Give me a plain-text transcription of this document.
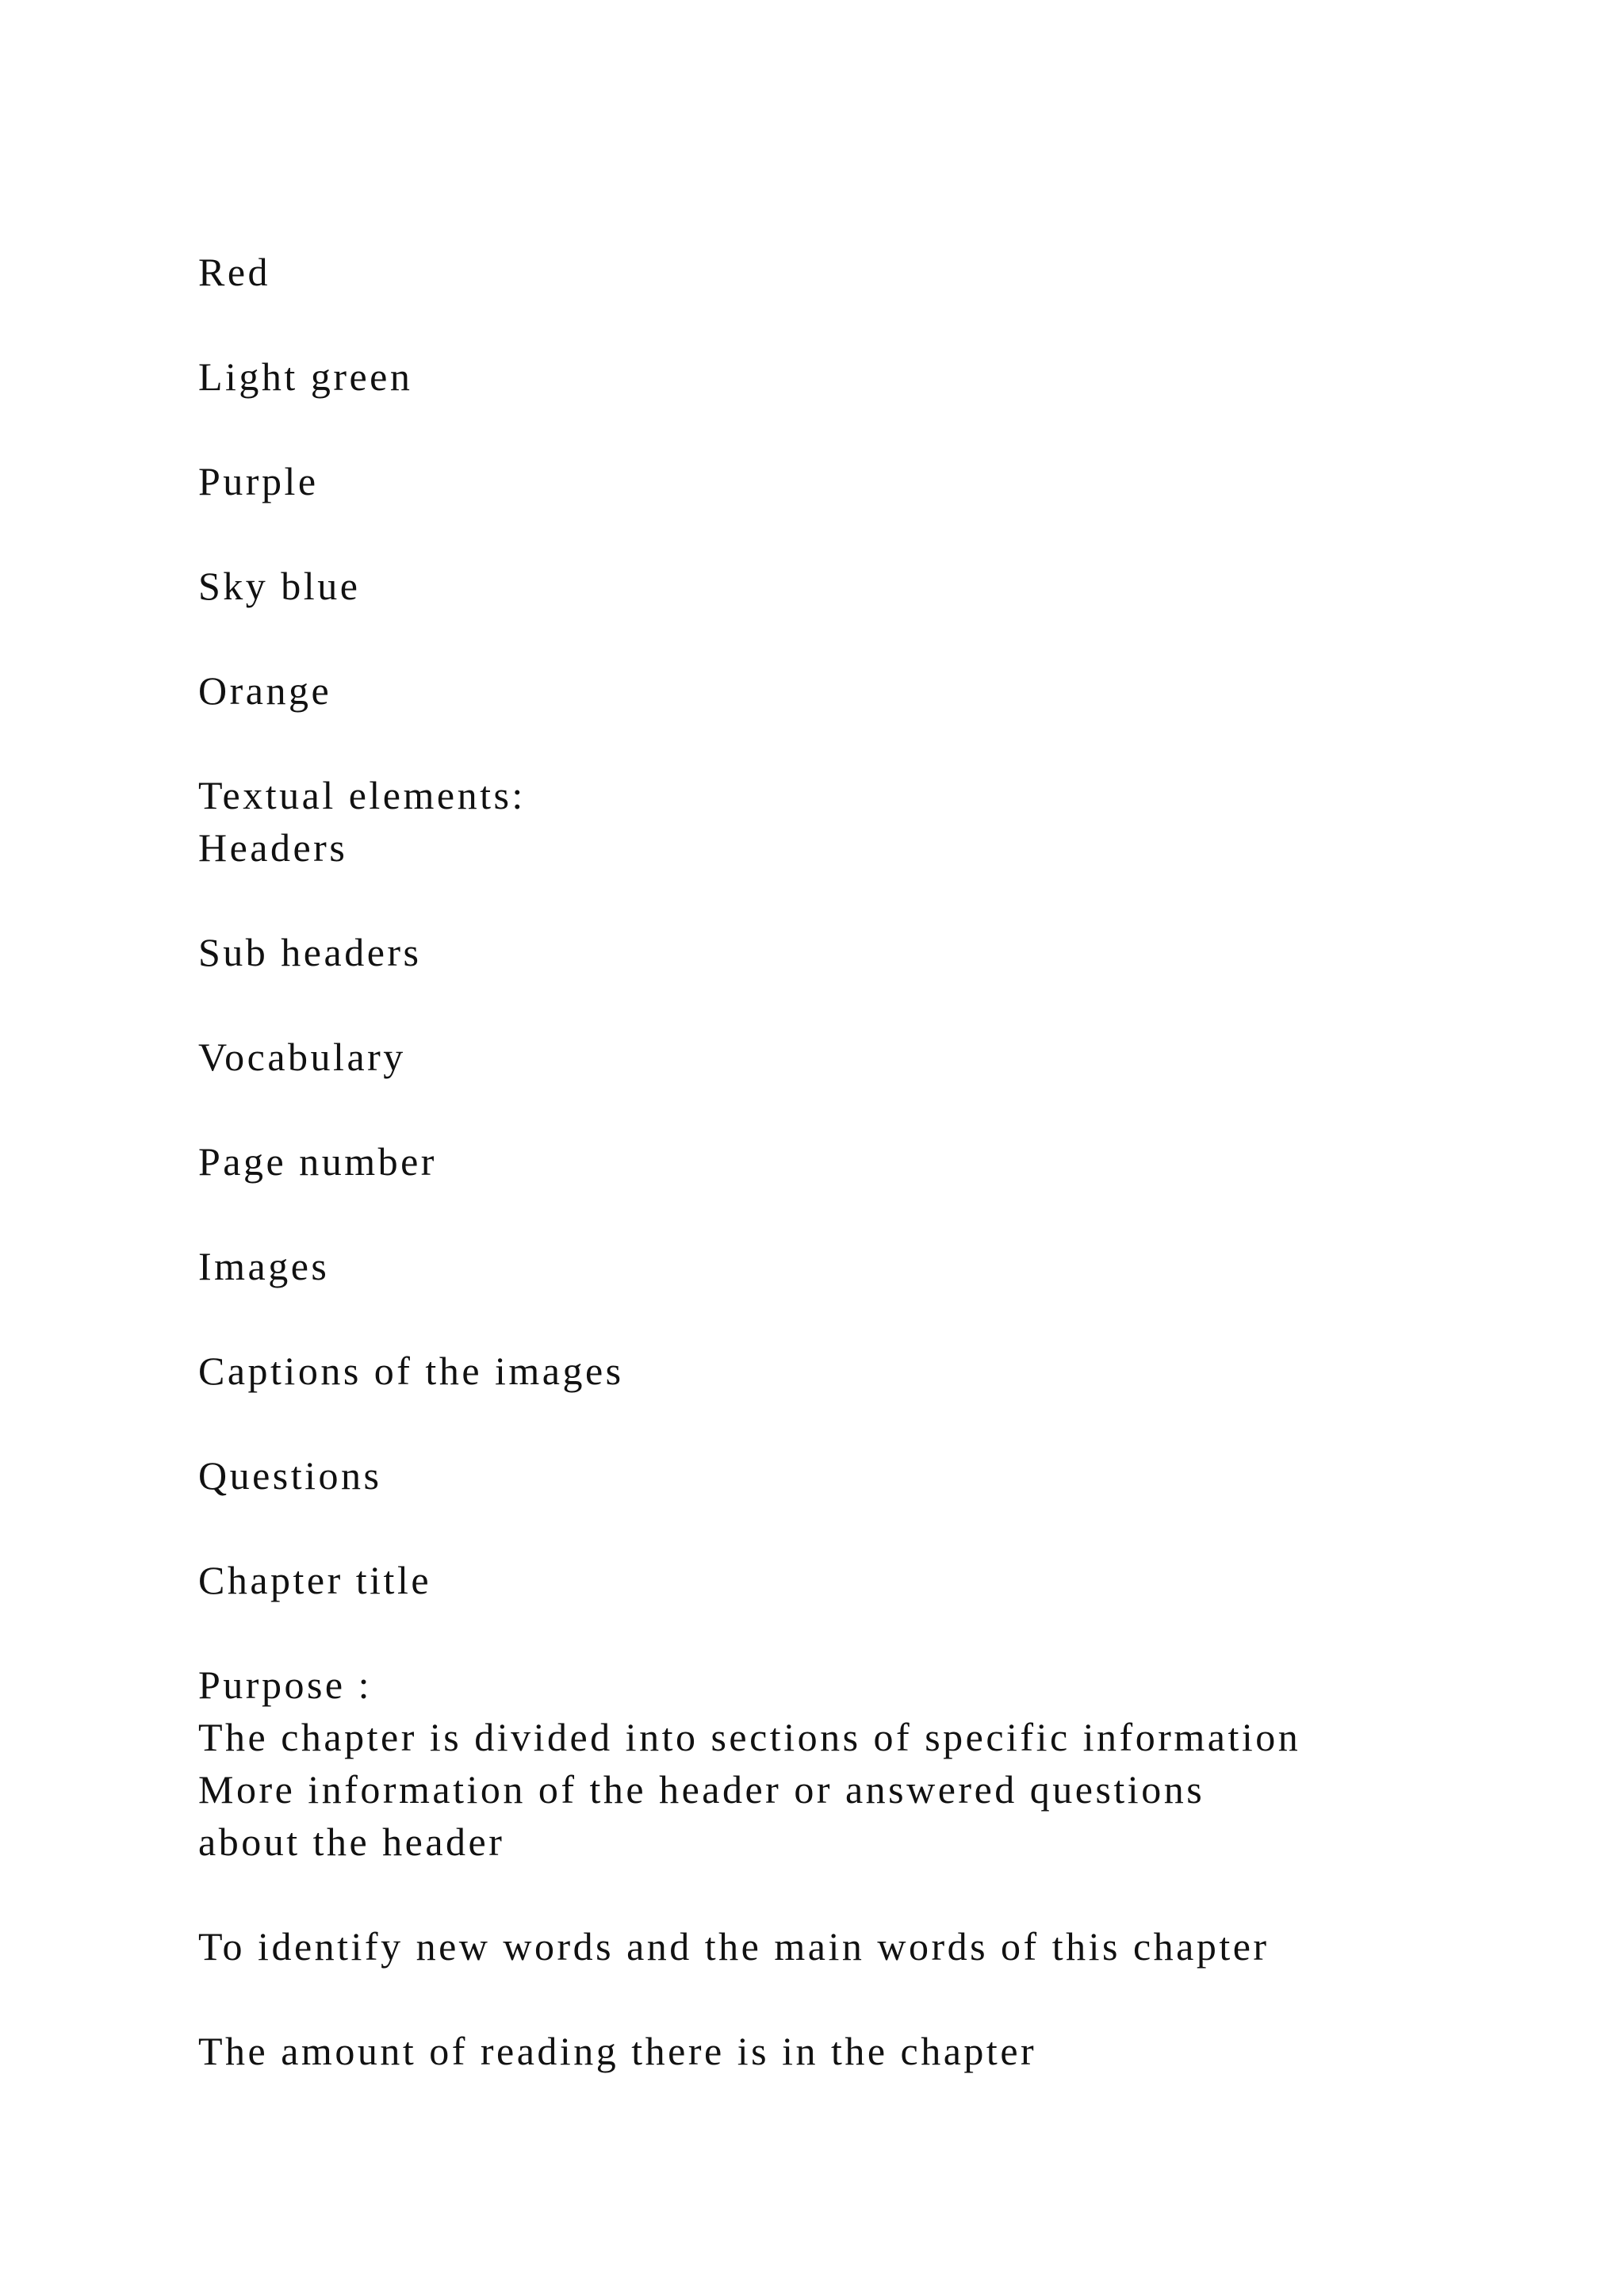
Red
Light green
Purple
Sky blue
Orange
Textual elements:
Headers
Sub headers
Vocabulary
Page number
Images
Captions of the images
Questions
Chapter title
Purpose :
The chapter is divided into sections of specific information
More information of the header or answered questions
about the header
To identify new words and the main words of this chapter
The amount of reading there is in the chapter
